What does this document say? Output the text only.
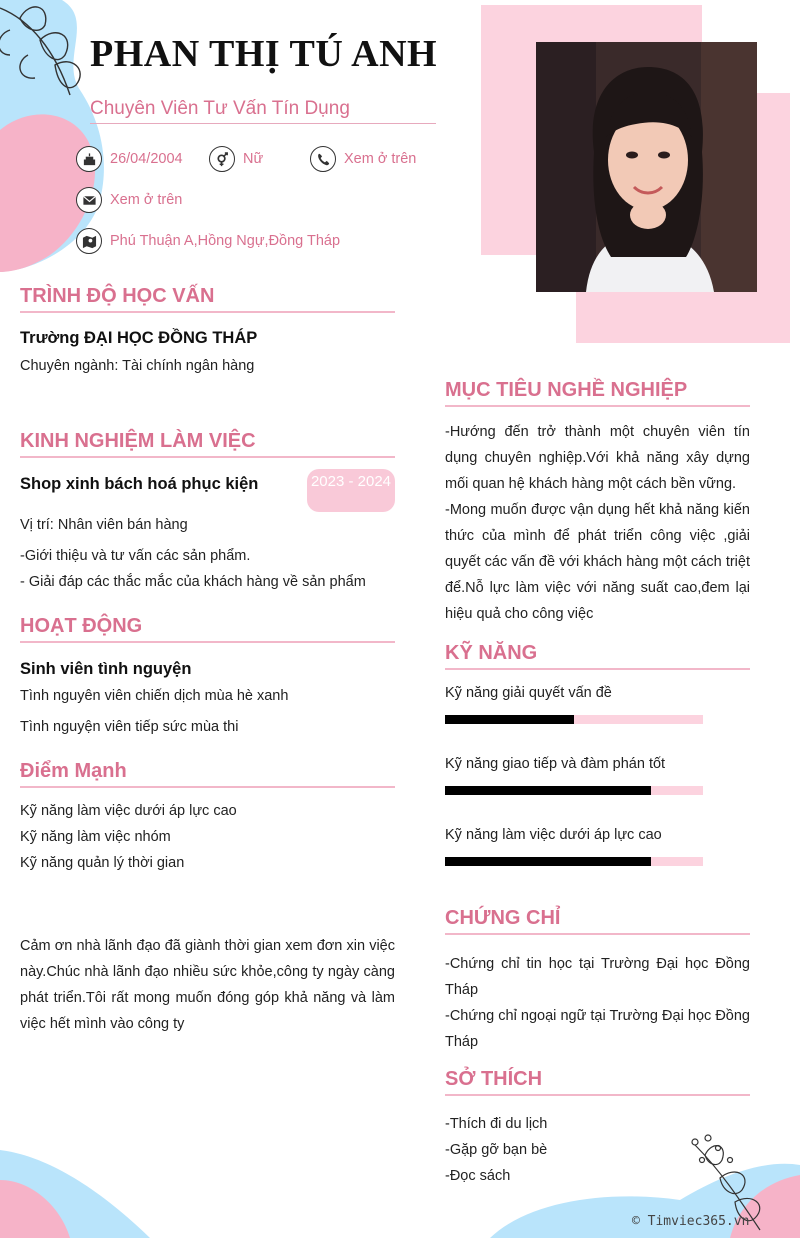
PHAN THỊ TÚ ANH
Chuyên Viên Tư Vấn Tín Dụng
26/04/2004	Nữ	Xem ở trên
Xem ở trên
Phú Thuận A,Hồng Ngự,Đồng Tháp
TRÌNH ĐỘ HỌC VẤN
Trường ĐẠI HỌC ĐỒNG THÁP
Chuyên ngành: Tài chính ngân hàng
KINH NGHIỆM LÀM VIỆC
Shop xinh bách hoá phục kiện	2023 - 2024
Vị trí: Nhân viên bán hàng
-Giới thiệu và tư vấn các sản phẩm.
- Giải đáp các thắc mắc của khách hàng về sản phẩm
HOẠT ĐỘNG
Sinh viên tình nguyện
Tình nguyên viên chiến dịch mùa hè xanh
Tình nguyện viên tiếp sức mùa thi
Điểm Mạnh
Kỹ năng làm việc dưới áp lực cao
Kỹ năng làm việc nhóm
Kỹ năng quản lý thời gian
Cảm ơn nhà lãnh đạo đã giành thời gian xem đơn xin việc này.Chúc nhà lãnh đạo nhiều sức khỏe,công ty ngày càng phát triển.Tôi rất mong muốn đóng góp khả năng và làm việc hết mình vào công ty
MỤC TIÊU NGHỀ NGHIỆP
-Hướng đến trở thành một chuyên viên tín dụng chuyên nghiệp.Với khả năng xây dựng mối quan hệ khách hàng một cách bền vững.
-Mong muốn được vận dụng hết khả năng kiến thức của mình để phát triển công việc ,giải quyết các vấn đề với khách hàng một cách triệt để.Nỗ lực làm việc với năng suất cao,đem lại hiệu quả cho công việc
KỸ NĂNG
Kỹ năng giải quyết vấn đề
Kỹ năng giao tiếp và đàm phán tốt
Kỹ năng làm việc dưới áp lực cao
CHỨNG CHỈ
-Chứng chỉ tin học tại Trường Đại học Đồng Tháp
-Chứng chỉ ngoại ngữ tại Trường Đại học Đồng Tháp
SỞ THÍCH
-Thích đi du lịch
-Gặp gỡ bạn bè
-Đọc sách
© Timviec365.vn
